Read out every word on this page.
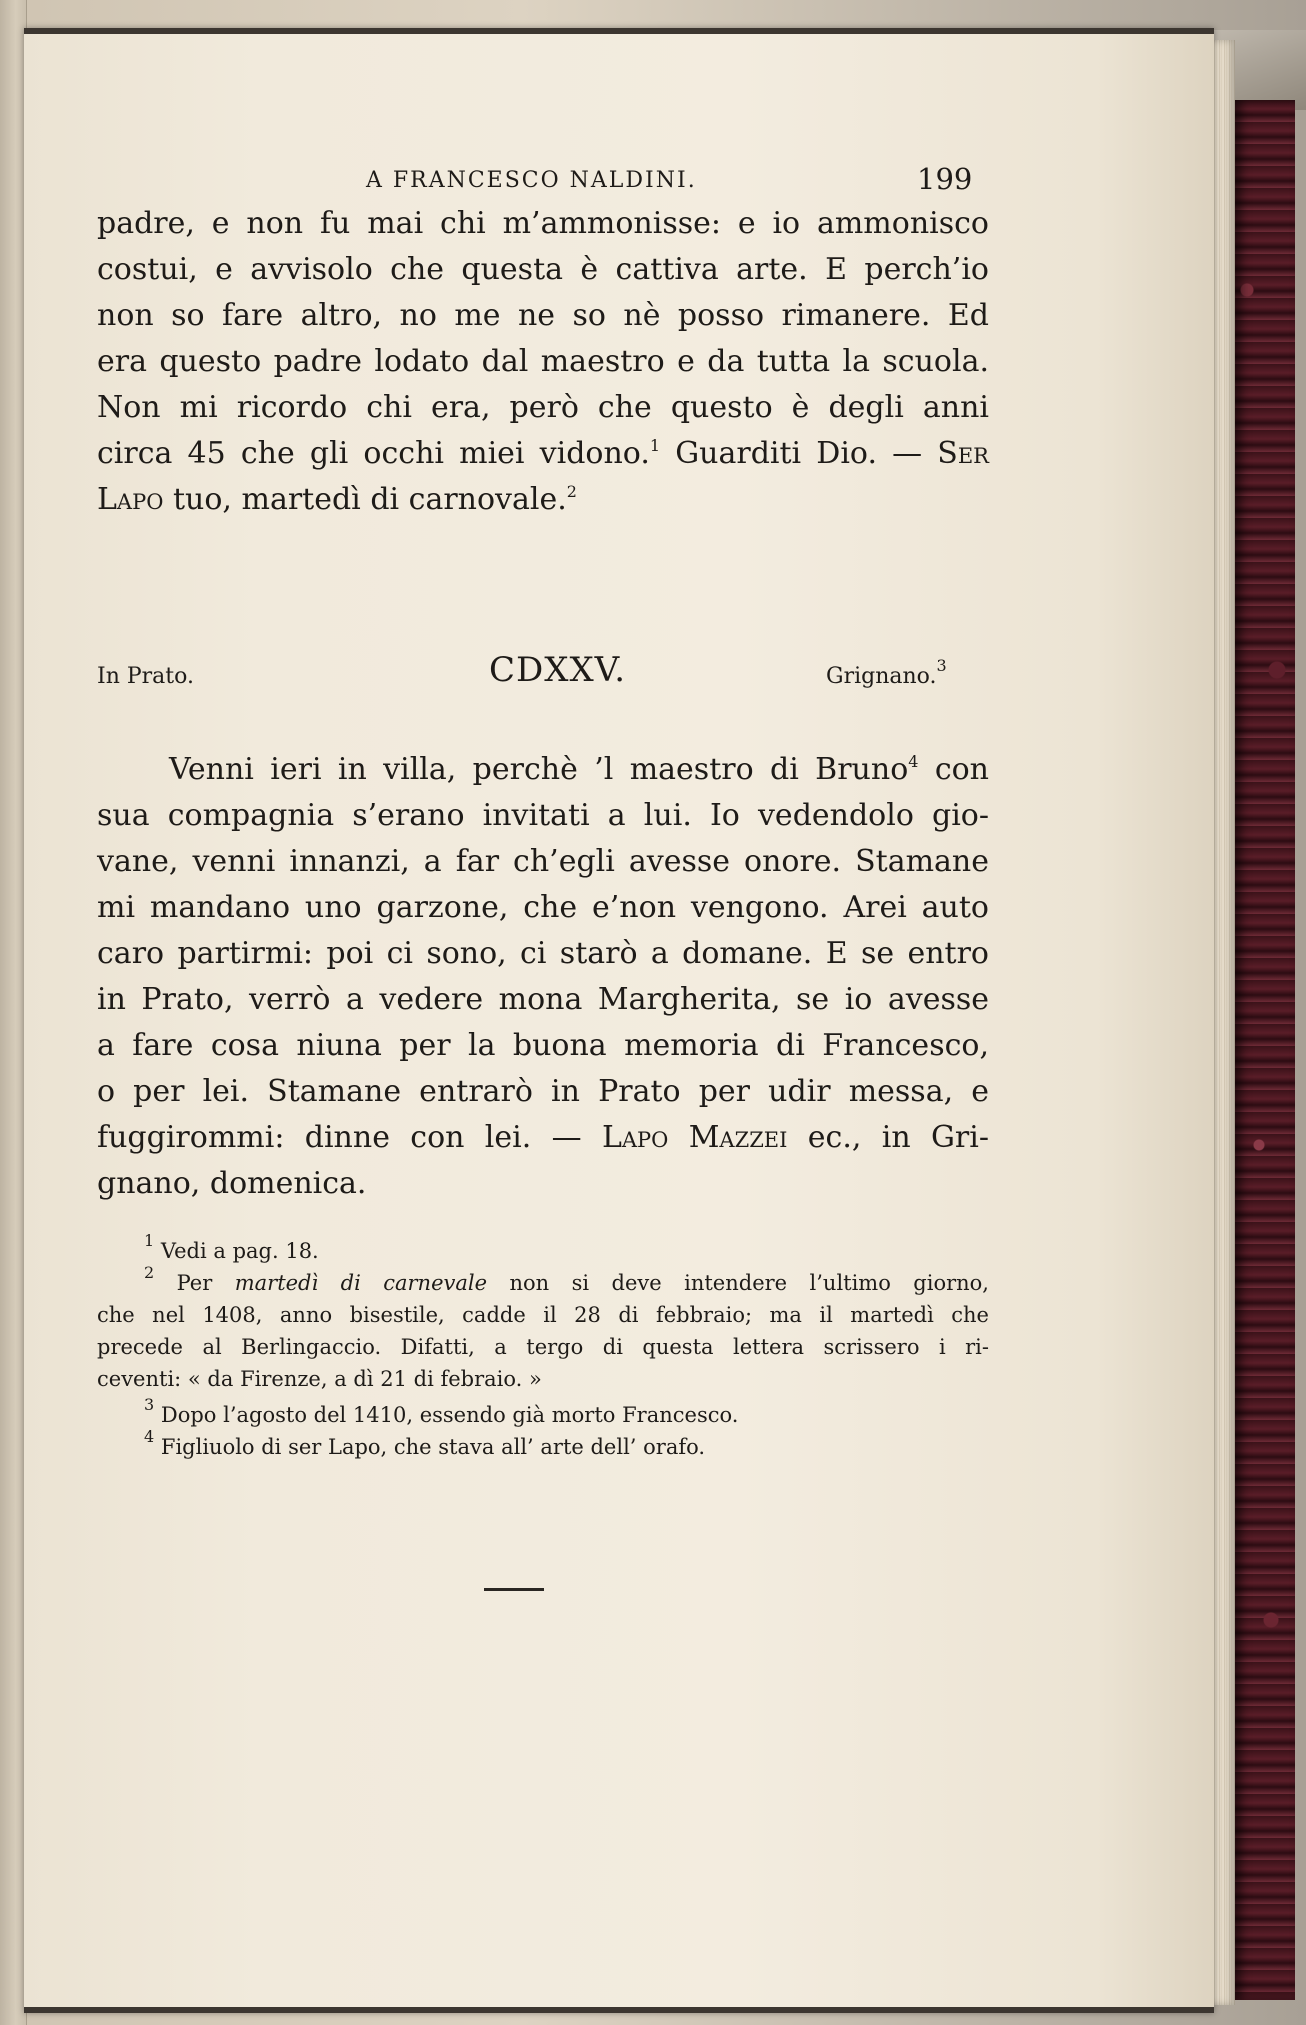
A FRANCESCO NALDINI.	199
padre, e non fu mai chi m’ammonisse: e io ammonisco
costui, e avvisolo che questa è cattiva arte. E perch’io
non so fare altro, no me ne so nè posso rimanere. Ed
era questo padre lodato dal maestro e da tutta la scuola.
Non mi ricordo chi era, però che questo è degli anni
circa 45 che gli occhi miei vidono.$^1$ Guarditi Dio. — Ser
Lapo tuo, martedì di carnovale.$^2$
In Prato.	CDXXV.	Grignano.$^3$
Venni ieri in villa, perchè ’l maestro di Bruno$^4$ con
sua compagnia s’erano invitati a lui. Io vedendolo gio-
vane, venni innanzi, a far ch’egli avesse onore. Stamane
mi mandano uno garzone, che e’non vengono. Arei auto
caro partirmi: poi ci sono, ci starò a domane. E se entro
in Prato, verrò a vedere mona Margherita, se io avesse
a fare cosa niuna per la buona memoria di Francesco,
o per lei. Stamane entrarò in Prato per udir messa, e
fuggirommi: dinne con lei. — Lapo Mazzei ec., in Gri-
gnano, domenica.
$^1$ Vedi a pag. 18.
$^2$ Per martedì di carnevale non si deve intendere l’ultimo giorno,
che nel 1408, anno bisestile, cadde il 28 di febbraio; ma il martedì che
precede al Berlingaccio. Difatti, a tergo di questa lettera scrissero i ri-
ceventi: « da Firenze, a dì 21 di febraio. »
$^3$ Dopo l’agosto del 1410, essendo già morto Francesco.
$^4$ Figliuolo di ser Lapo, che stava all’ arte dell’ orafo.
